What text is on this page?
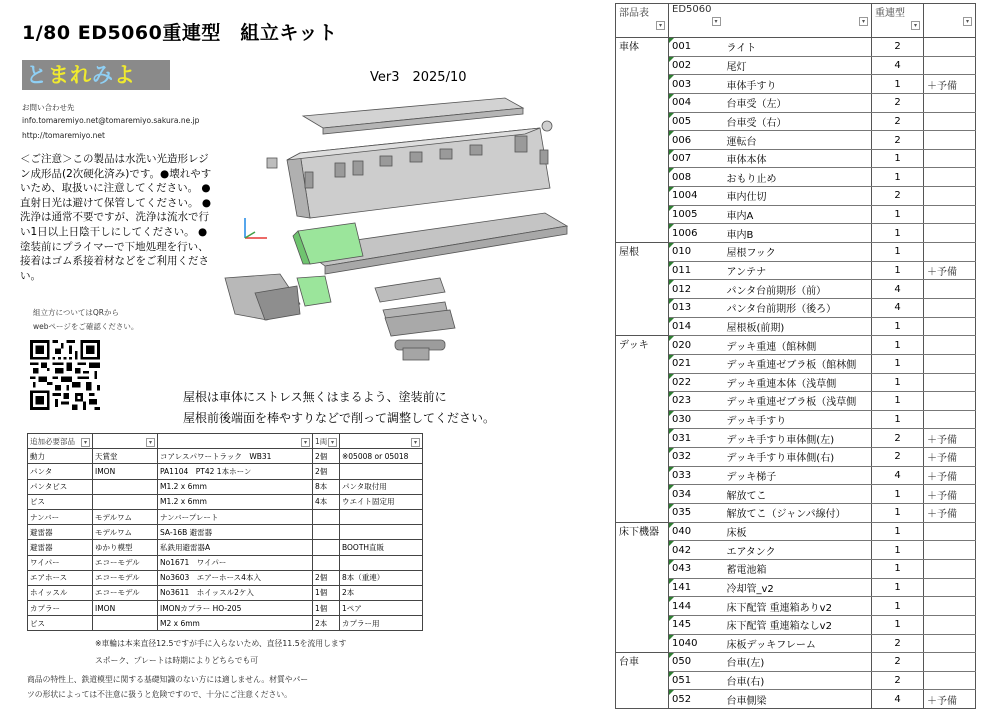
1/80 ED5060重連型　組立キット
とまれみよ	Ver3　2025/10
お問い合わせ先
info.tomaremiyo.net@tomaremiyo.sakura.ne.jp
http://tomaremiyo.net
＜ご注意＞この製品は水洗い光造形レジン成形品(2次硬化済み)です。●壊れやすいため、取扱いに注意してください。 ●直射日光は避けて保管してください。 ●洗浄は通常不要ですが、洗浄は流水で行い1日以上日陰干しにしてください。 ●塗装前にプライマーで下地処理を行い、接着はゴム系接着材などをご利用ください。
組立方についてはQRから
webページをご確認ください。
屋根は車体にストレス無くはまるよう、塗装前に
屋根前後端面を棒やすりなどで削って調整してください。
追加必要部品 ▾	▾	▾	1両 ▾	▾

動力	天賞堂	コアレスパワートラック　WB31	2個	※05008 or 05018
パンタ	IMON	PA1104　PT42 1本ホーン	2個	
パンタビス		M1.2 x 6mm	8本	パンタ取付用
ビス		M1.2 x 6mm	4本	ウエイト固定用
ナンバー	モデルワム	ナンバープレート		
避雷器	モデルワム	SA-16B 避雷器		
避雷器	ゆかり模型	私鉄用避雷器A		BOOTH直販
ワイパー	エコーモデル	No1671　ワイパー		
エアホース	エコーモデル	No3603　エアーホース4本入	2個	8本（重連）
ホイッスル	エコーモデル	No3611　ホイッスル2ケ入	1個	2本
カプラー	IMON	IMONカプラー HO-205	1個	1ペア
ビス		M2 x 6mm	2本	カプラー用
※車輪は本来直径12.5ですが手に入らないため、直径11.5を流用します
スポーク、プレートは時期によりどちらでも可
商品の特性上、鉄道模型に関する基礎知識のない方には適しません。材質やパー
ツの形状によっては不注意に扱うと危険ですので、十分にご注意ください。
部品表

▾	ED5060

▾	▾	重連型

▾	▾

車体	001	ライト	2	
	002	尾灯	4	
	003	車体手すり	1	＋予備
	004	台車受（左）	2	
	005	台車受（右）	2	
	006	運転台	2	
	007	車体本体	1	
	008	おもり止め	1	
	1004	車内仕切	2	
	1005	車内A	1	
	1006	車内B	1	
屋根	010	屋根フック	1	
	011	アンテナ	1	＋予備
	012	パンタ台前期形（前）	4	
	013	パンタ台前期形（後ろ）	4	
	014	屋根板(前期)	1	
デッキ	020	デッキ重連（館林側	1	
	021	デッキ重連ゼブラ板（館林側	1	
	022	デッキ重連本体（浅草側	1	
	023	デッキ重連ゼブラ板（浅草側	1	
	030	デッキ手すり	1	
	031	デッキ手すり車体側(左)	2	＋予備
	032	デッキ手すり車体側(右)	2	＋予備
	033	デッキ梯子	4	＋予備
	034	解放てこ	1	＋予備
	035	解放てこ（ジャンパ線付）	1	＋予備
床下機器	040	床板	1	
	042	エアタンク	1	
	043	蓄電池箱	1	
	141	冷却管_v2	1	
	144	床下配管 重連箱ありv2	1	
	145	床下配管 重連箱なしv2	1	
	1040	床板デッキフレーム	2	
台車	050	台車(左)	2	
	051	台車(右)	2	
	052	台車側梁	4	＋予備
